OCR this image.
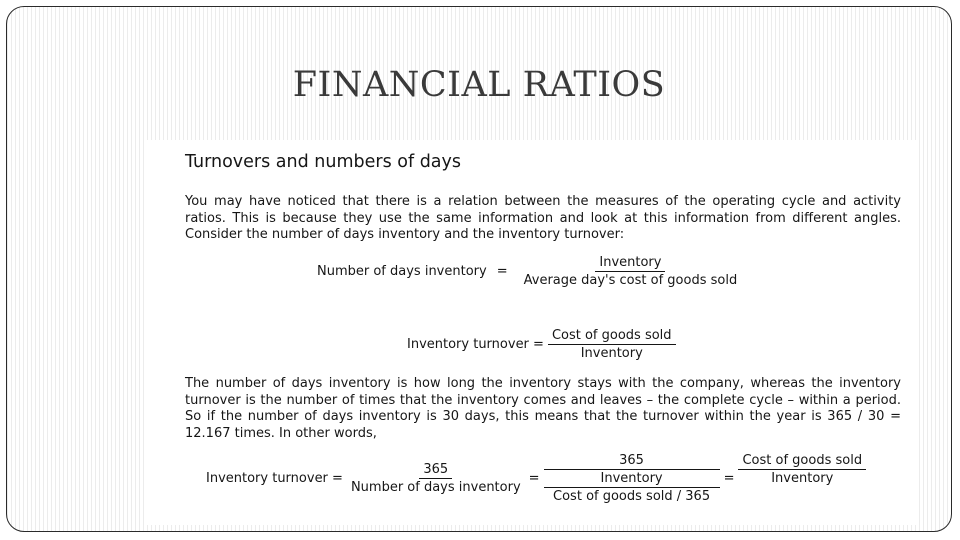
FINANCIAL RATIOS
Turnovers and numbers of days

You may have noticed that there is a relation between the measures of the operating cycle and activity ratios. This is because they use the same information and look at this information from different angles. Consider the number of days inventory and the inventory turnover:

Number of days inventory = $\frac{\text{Inventory}}{\text{Average day's cost of goods sold}}$
Inventory turnover = $\frac{\text{Cost of goods sold}}{\text{Inventory}}$

The number of days inventory is how long the inventory stays with the company, whereas the inventory turnover is the number of times that the inventory comes and leaves – the complete cycle – within a period. So if the number of days inventory is 30 days, this means that the turnover within the year is 365 / 30 = 12.167 times. In other words,

Inventory turnover = $\frac{365}{\text{Number of days inventory}}$ =
365
Inventory
Cost of goods sold / 365
= $\frac{\text{Cost of goods sold}}{\text{Inventory}}$
